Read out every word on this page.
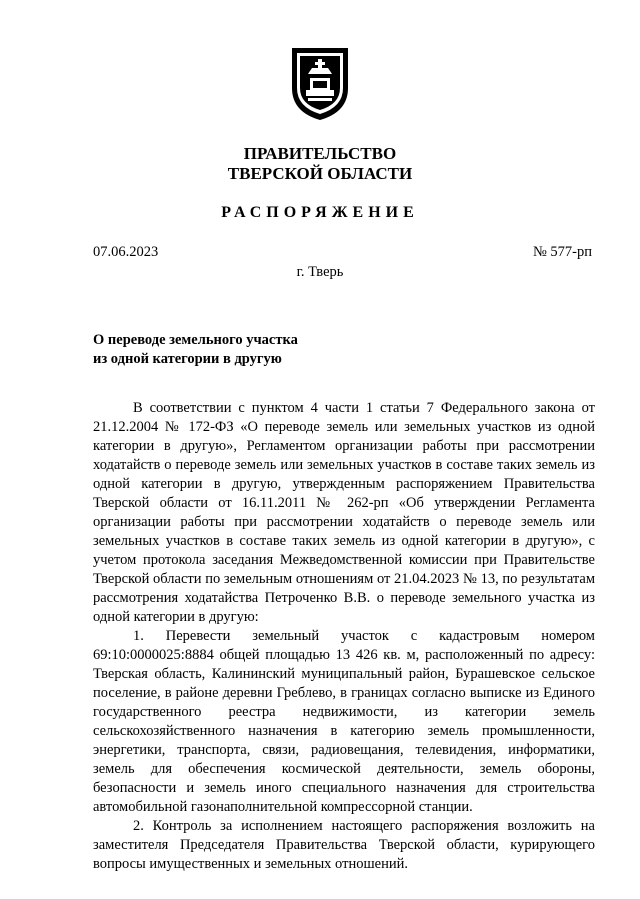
ПРАВИТЕЛЬСТВО
ТВЕРСКОЙ ОБЛАСТИ
РАСПОРЯЖЕНИЕ
07.06.2023	№ 577-рп
г. Тверь
О переводе земельного участка
из одной категории в другую

В соответствии с пунктом 4 части 1 статьи 7 Федерального закона от 21.12.2004 № 172-ФЗ «О переводе земель или земельных участков из одной категории в другую», Регламентом организации работы при рассмотрении ходатайств о переводе земель или земельных участков в составе таких земель из одной категории в другую, утвержденным распоряжением Правительства Тверской области от 16.11.2011 № 262-рп «Об утверждении Регламента организации работы при рассмотрении ходатайств о переводе земель или земельных участков в составе таких земель из одной категории в другую», с учетом протокола заседания Межведомственной комиссии при Правительстве Тверской области по земельным отношениям от 21.04.2023 № 13, по результатам рассмотрения ходатайства Петроченко В.В. о переводе земельного участка из одной категории в другую:

1. Перевести земельный участок с кадастровым номером 69:10:0000025:8884 общей площадью 13 426 кв. м, расположенный по адресу: Тверская область, Калининский муниципальный район, Бурашевское сельское поселение, в районе деревни Греблево, в границах согласно выписке из Единого государственного реестра недвижимости, из категории земель сельскохозяйственного назначения в категорию земель промышленности, энергетики, транспорта, связи, радиовещания, телевидения, информатики, земель для обеспечения космической деятельности, земель обороны, безопасности и земель иного специального назначения для строительства автомобильной газонаполнительной компрессорной станции.

2. Контроль за исполнением настоящего распоряжения возложить на заместителя Председателя Правительства Тверской области, курирующего вопросы имущественных и земельных отношений.
